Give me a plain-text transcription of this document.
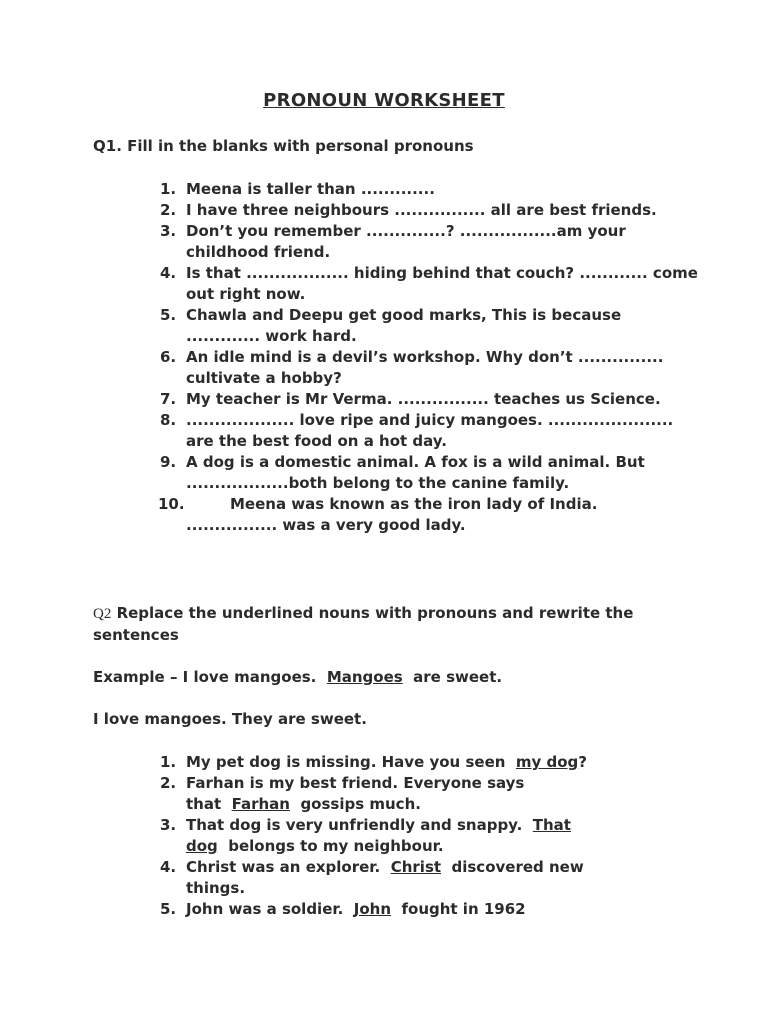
PRONOUN WORKSHEET
Q1. Fill in the blanks with personal pronouns
1. Meena is taller than .............
2. I have three neighbours ................ all are best friends.
3. Don’t you remember ..............? .................am your childhood friend.
4. Is that .................. hiding behind that couch? ............ come out right now.
5. Chawla and Deepu get good marks, This is because ............. work hard.
6. An idle mind is a devil’s workshop. Why don’t ............... cultivate a hobby?
7. My teacher is Mr Verma. ................ teaches us Science.
8. ................... love ripe and juicy mangoes. ...................... are the best food on a hot day.
9. A dog is a domestic animal. A fox is a wild animal. But ..................both belong to the canine family.
10.	Meena was known as the iron lady of India.
................ was a very good lady.
Q2 Replace the underlined nouns with pronouns and rewrite the sentences
Example – I love mangoes. Mangoes are sweet.
I love mangoes. They are sweet.
1. My pet dog is missing. Have you seen my dog?
2. Farhan is my best friend. Everyone says that Farhan gossips much.
3. That dog is very unfriendly and snappy. That dog belongs to my neighbour.
4. Christ was an explorer. Christ discovered new things.
5. John was a soldier. John fought in 1962
